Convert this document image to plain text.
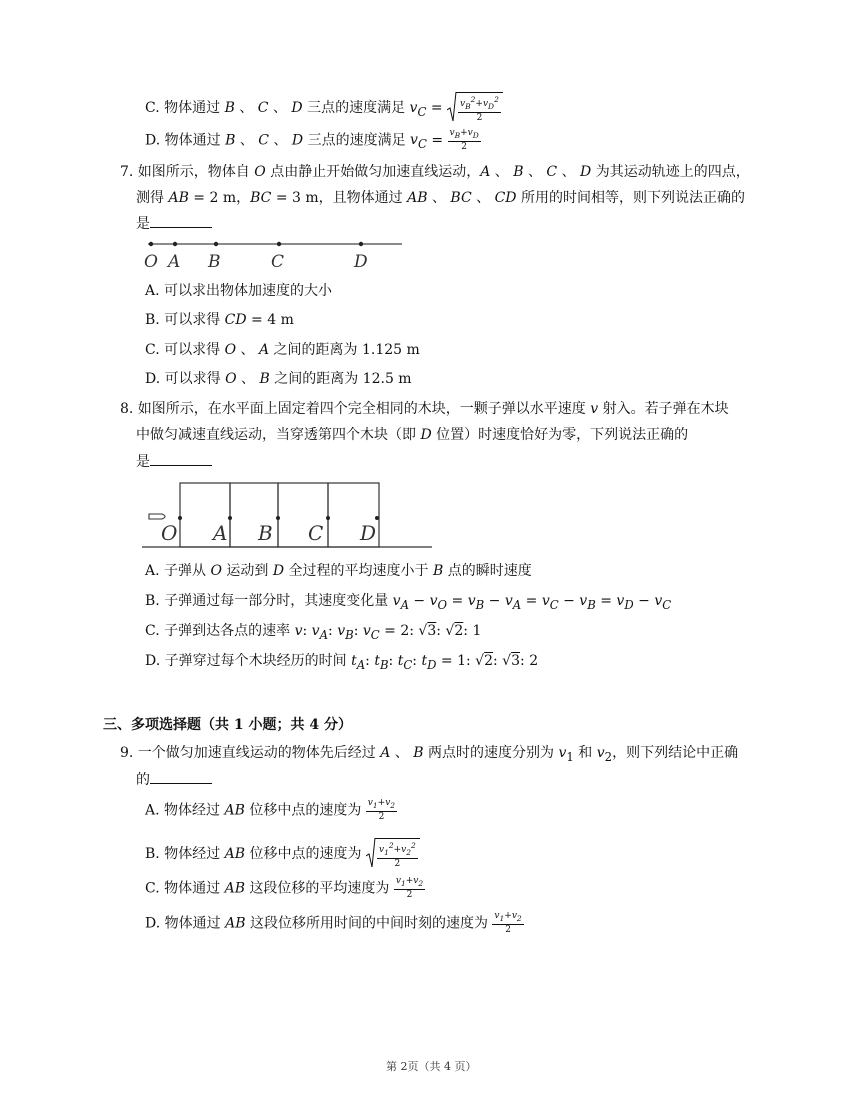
C. 物体通过 B 、 C 、 D 三点的速度满足 $v_C = \frac{v_B^2+v_D^2}{2}$
D. 物体通过 B 、 C 、 D 三点的速度满足 $v_C = \frac{v_B+v_D}{2}$
7. 如图所示，物体自 O 点由静止开始做匀加速直线运动，A 、 B 、 C 、 D 为其运动轨迹上的四点，
测得 AB = 2 m，BC = 3 m，且物体通过 AB 、 BC 、 CD 所用的时间相等，则下列说法正确的
是
O A B	C	D
A. 可以求出物体加速度的大小
B. 可以求得 CD = 4 m
C. 可以求得 O 、 A 之间的距离为 1.125 m
D. 可以求得 O 、 B 之间的距离为 12.5 m
8. 如图所示，在水平面上固定着四个完全相同的木块，一颗子弹以水平速度 v 射入。若子弹在木块
中做匀减速直线运动，当穿透第四个木块（即 D 位置）时速度恰好为零，下列说法正确的
是
O A B C D
A. 子弹从 O 运动到 D 全过程的平均速度小于 B 点的瞬时速度
B. 子弹通过每一部分时，其速度变化量 $v_A - v_O = v_B - v_A = v_C - v_B = v_D - v_C$
C. 子弹到达各点的速率 v: $v_A$: $v_B$: $v_C = 2$: √3: √2: 1
D. 子弹穿过每个木块经历的时间 $t_A$: $t_B$: $t_C$: $t_D = 1$: √2: √3: 2
三、多项选择题（共 1 小题；共 4 分）
9. 一个做匀加速直线运动的物体先后经过 A 、 B 两点时的速度分别为 $v_1$ 和 $v_2$，则下列结论中正确
的
A. 物体经过 AB 位移中点的速度为 $\frac{v_1+v_2}{2}$
B. 物体经过 AB 位移中点的速度为 $\frac{v_1^2+v_2^2}{2}$
C. 物体通过 AB 这段位移的平均速度为 $\frac{v_1+v_2}{2}$
D. 物体通过 AB 这段位移所用时间的中间时刻的速度为 $\frac{v_1+v_2}{2}$
第 2页（共 4 页）
